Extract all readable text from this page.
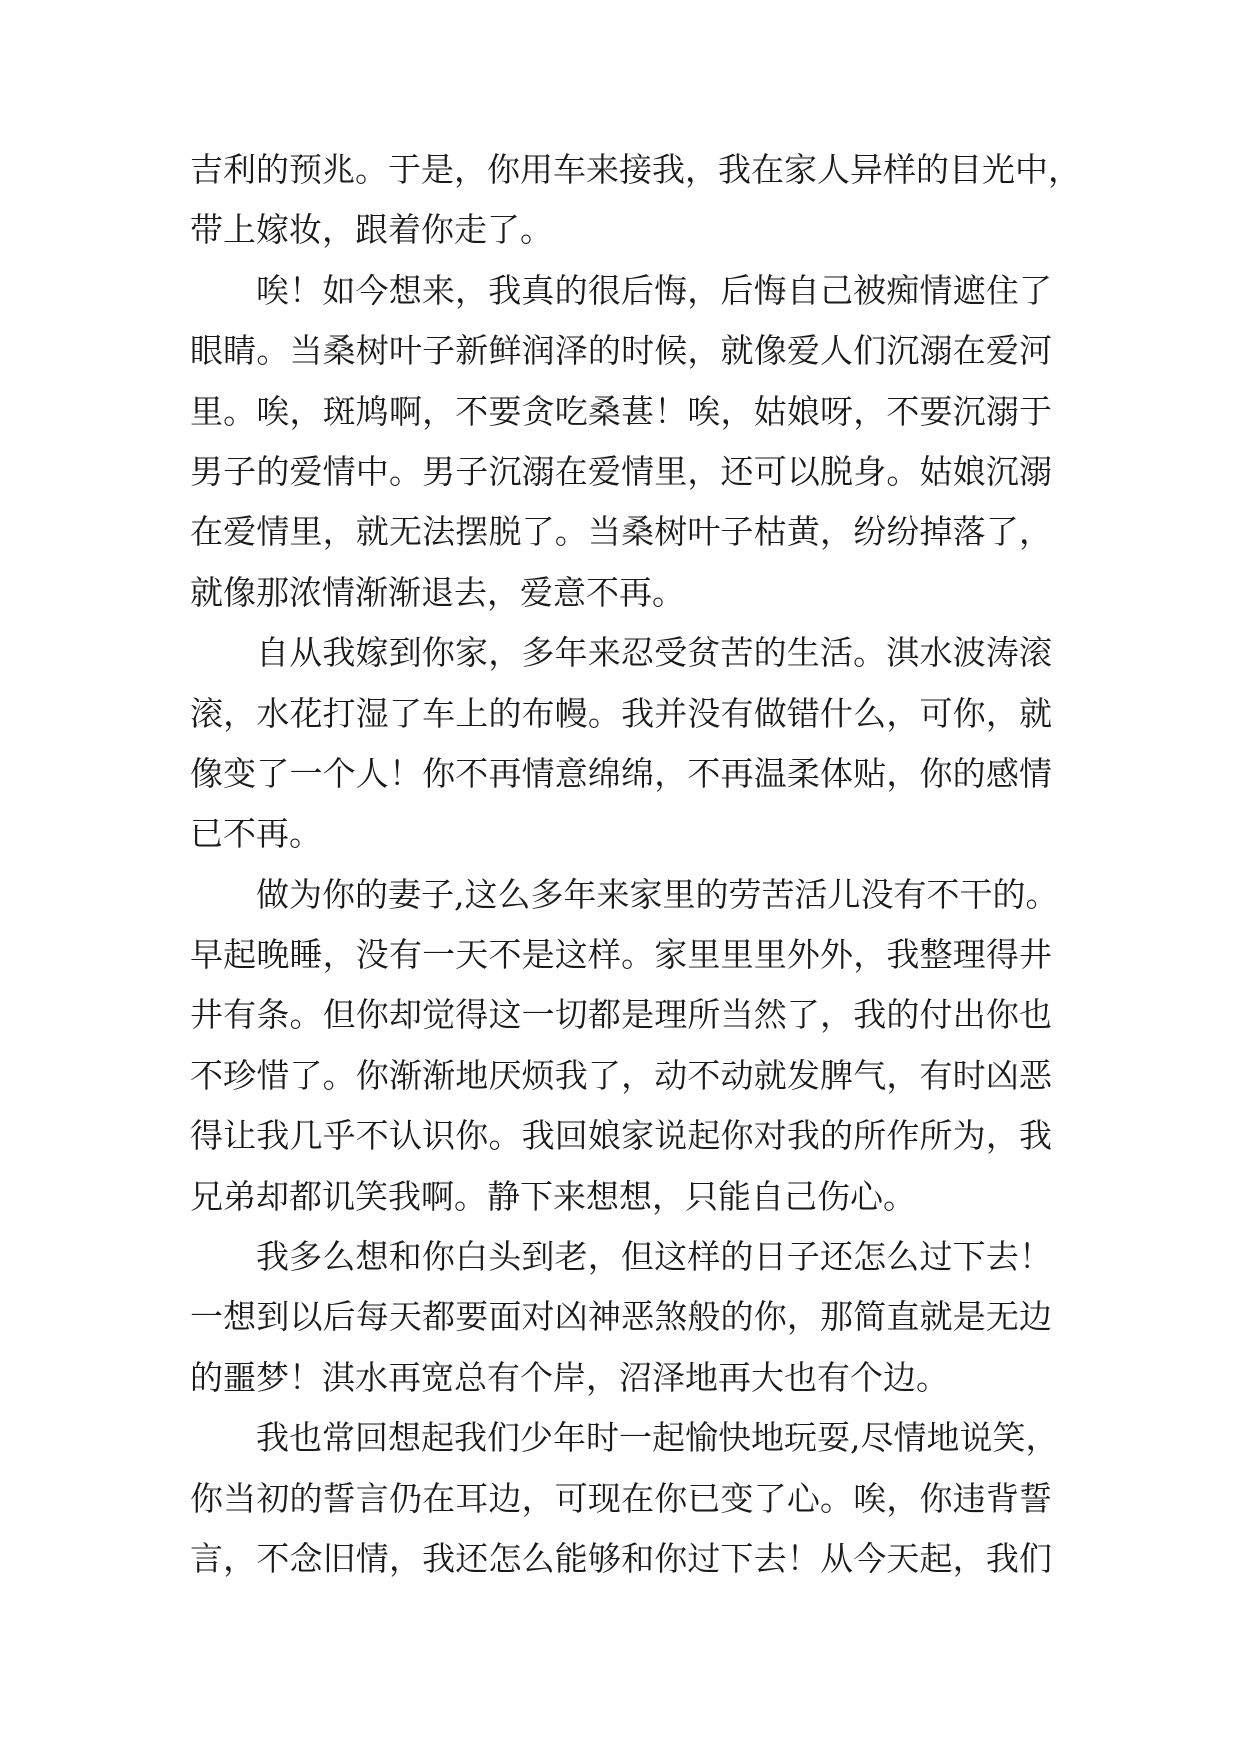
吉利的预兆。于是，你用车来接我，我在家人异样的目光中，
带上嫁妆，跟着你走了。
唉！如今想来，我真的很后悔，后悔自己被痴情遮住了
眼睛。当桑树叶子新鲜润泽的时候，就像爱人们沉溺在爱河
里。唉，斑鸠啊，不要贪吃桑葚！唉，姑娘呀，不要沉溺于
男子的爱情中。男子沉溺在爱情里，还可以脱身。姑娘沉溺
在爱情里，就无法摆脱了。当桑树叶子枯黄，纷纷掉落了，
就像那浓情渐渐退去，爱意不再。
自从我嫁到你家，多年来忍受贫苦的生活。淇水波涛滚
滚，水花打湿了车上的布幔。我并没有做错什么，可你，就
像变了一个人！你不再情意绵绵，不再温柔体贴，你的感情
已不再。
做为你的妻子,这么多年来家里的劳苦活儿没有不干的。
早起晚睡，没有一天不是这样。家里里里外外，我整理得井
井有条。但你却觉得这一切都是理所当然了，我的付出你也
不珍惜了。你渐渐地厌烦我了，动不动就发脾气，有时凶恶
得让我几乎不认识你。我回娘家说起你对我的所作所为，我
兄弟却都讥笑我啊。静下来想想，只能自己伤心。
我多么想和你白头到老，但这样的日子还怎么过下去！
一想到以后每天都要面对凶神恶煞般的你，那简直就是无边
的噩梦！淇水再宽总有个岸，沼泽地再大也有个边。
我也常回想起我们少年时一起愉快地玩耍,尽情地说笑，
你当初的誓言仍在耳边，可现在你已变了心。唉，你违背誓
言，不念旧情，我还怎么能够和你过下去！从今天起，我们
